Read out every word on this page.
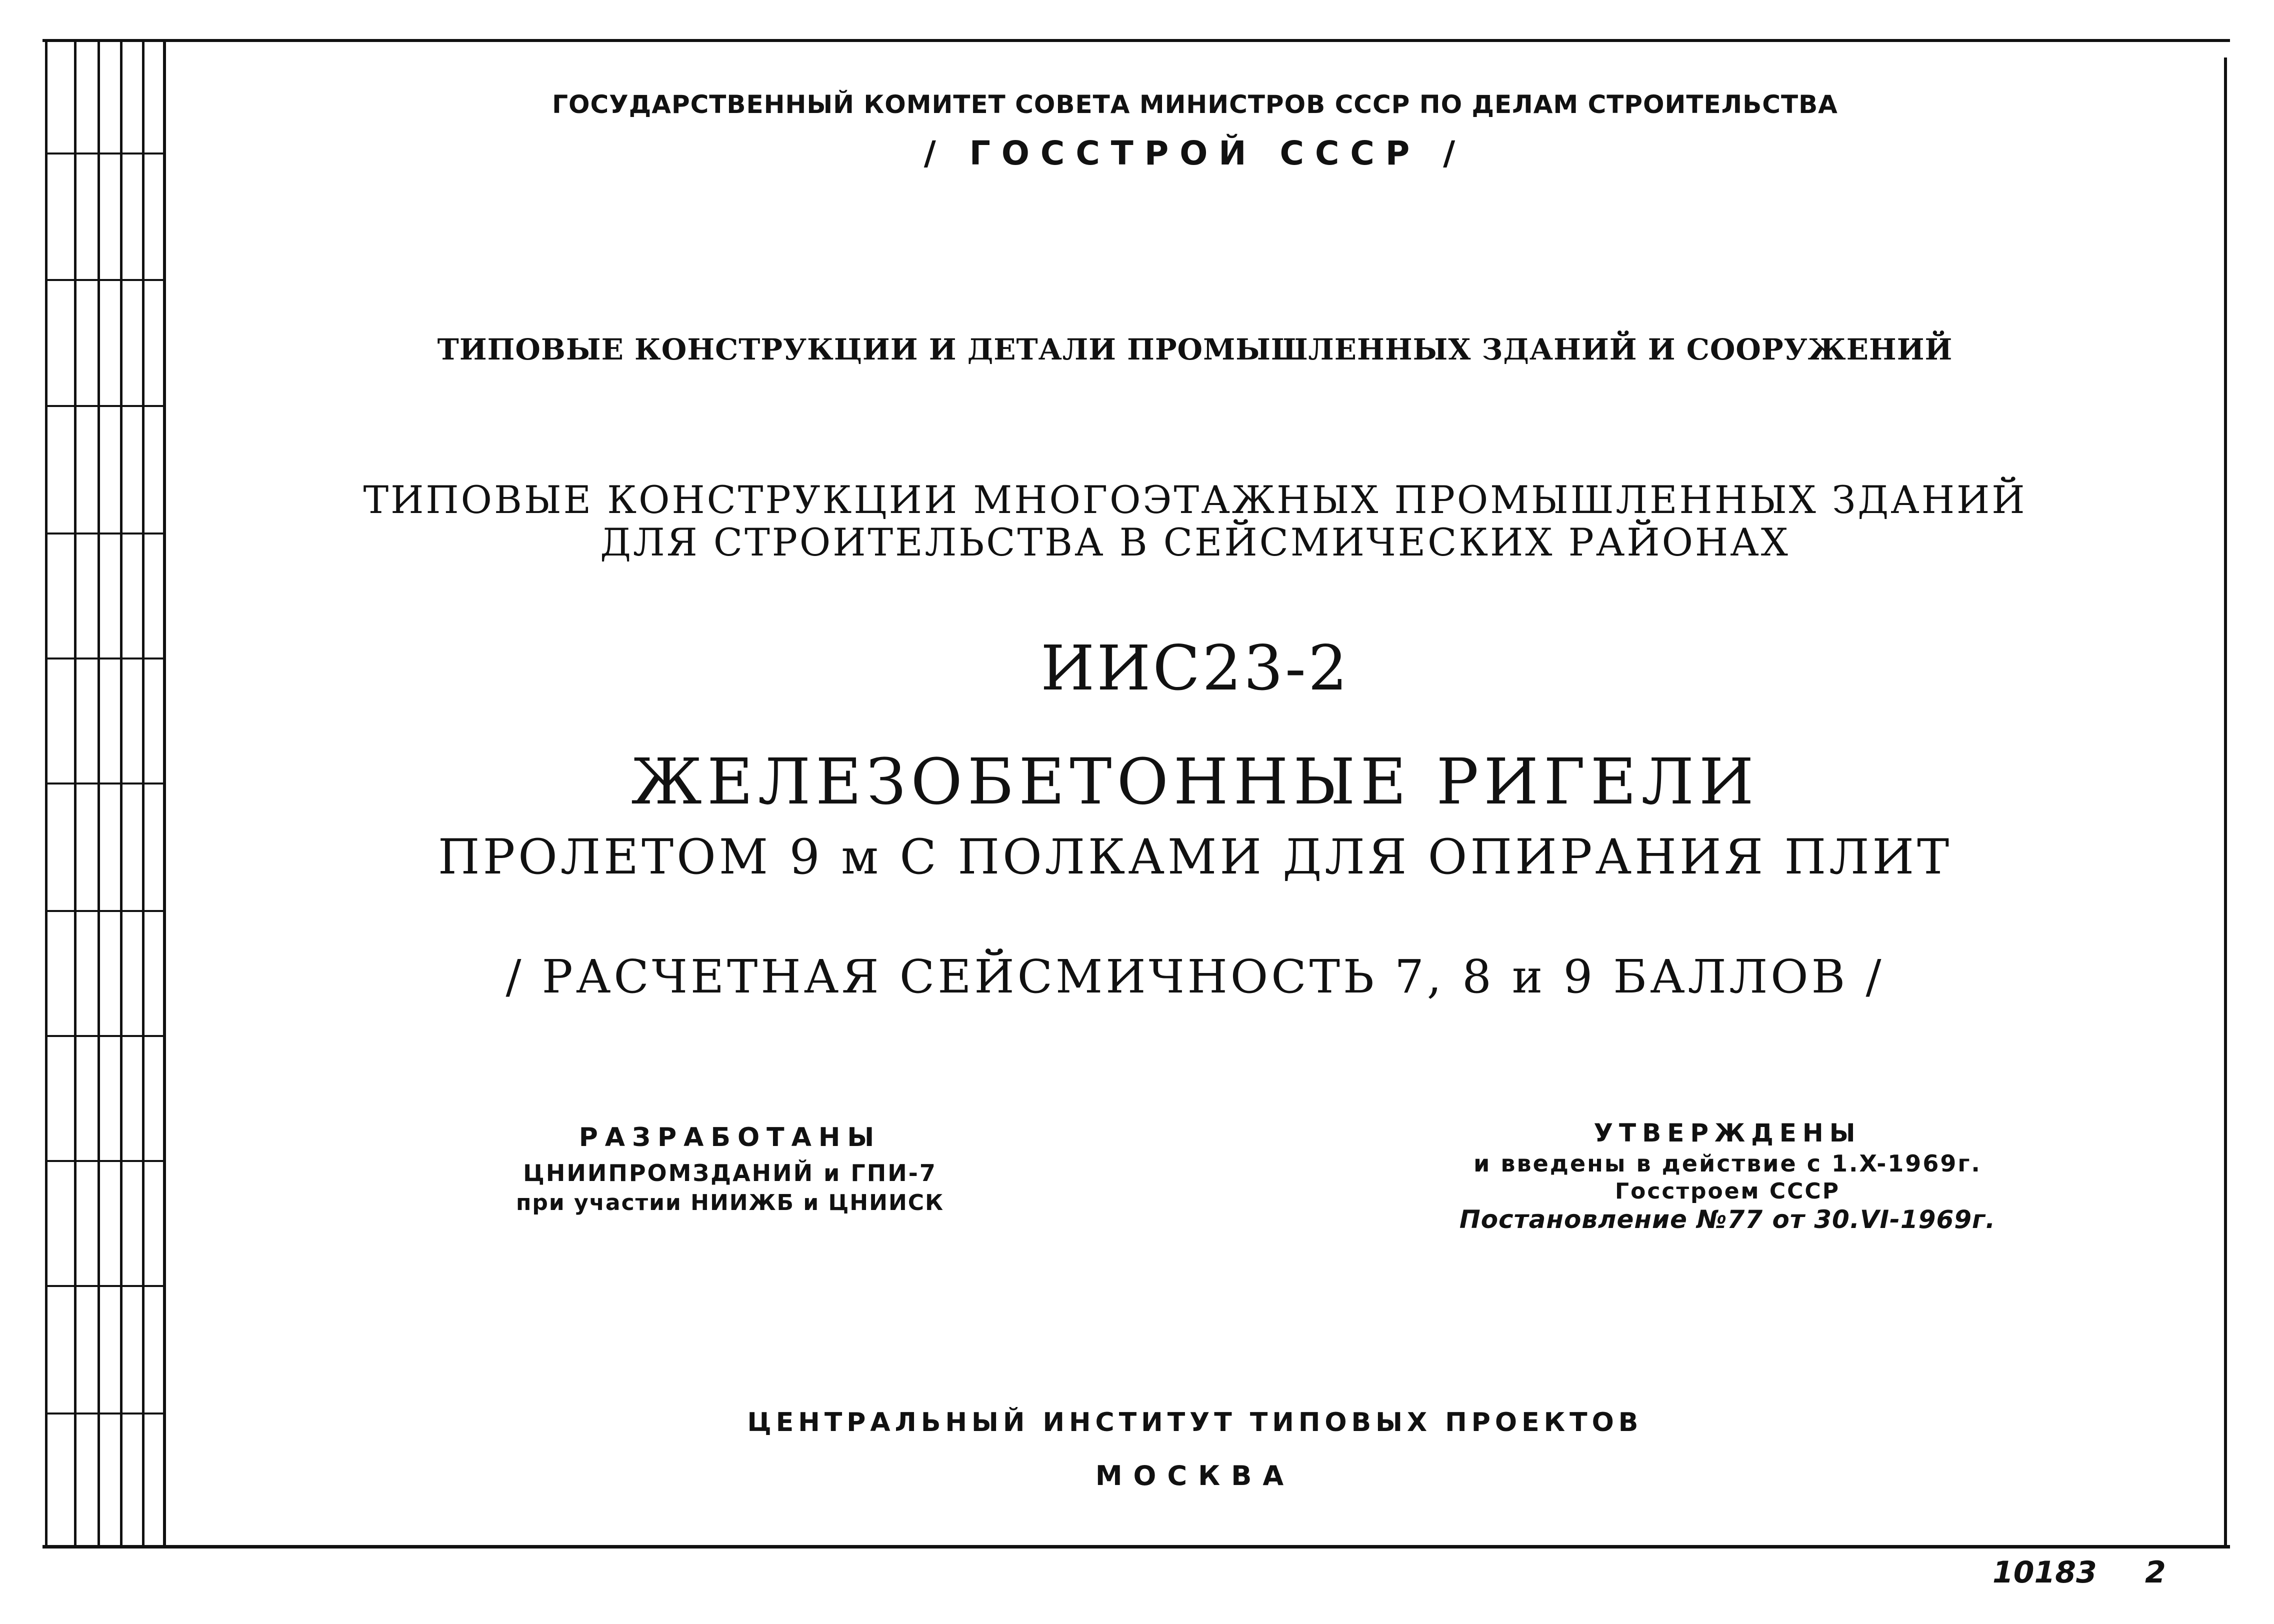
ГОСУДАРСТВЕННЫЙ КОМИТЕТ СОВЕТА МИНИСТРОВ СССР ПО ДЕЛАМ СТРОИТЕЛЬСТВА
/ ГОССТРОЙ СССР /
ТИПОВЫЕ КОНСТРУКЦИИ И ДЕТАЛИ ПРОМЫШЛЕННЫХ ЗДАНИЙ И СООРУЖЕНИЙ
ТИПОВЫЕ КОНСТРУКЦИИ МНОГОЭТАЖНЫХ ПРОМЫШЛЕННЫХ ЗДАНИЙ
ДЛЯ СТРОИТЕЛЬСТВА В СЕЙСМИЧЕСКИХ РАЙОНАХ
ИИС23-2
ЖЕЛЕЗОБЕТОННЫЕ РИГЕЛИ
ПРОЛЕТОМ 9 м С ПОЛКАМИ ДЛЯ ОПИРАНИЯ ПЛИТ
/ РАСЧЕТНАЯ СЕЙСМИЧНОСТЬ 7, 8 и 9 БАЛЛОВ /
РАЗРАБОТАНЫ
ЦНИИПРОМЗДАНИЙ и ГПИ-7
при участии НИИЖБ и ЦНИИСК
УТВЕРЖДЕНЫ
и введены в действие с 1.X-1969г.
Госстроем СССР
Постановление №77 от 30.VI-1969г.
ЦЕНТРАЛЬНЫЙ ИНСТИТУТ ТИПОВЫХ ПРОЕКТОВ
МОСКВА
10183 2
